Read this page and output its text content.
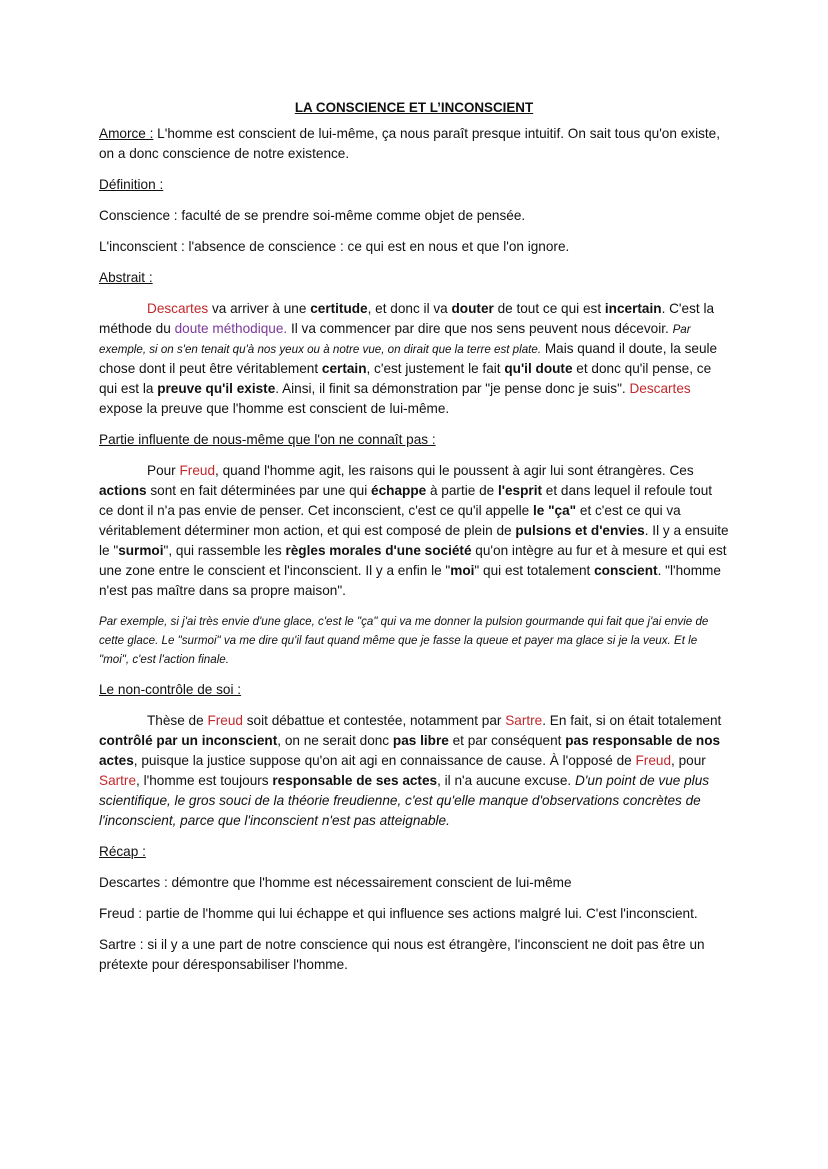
LA CONSCIENCE ET L’INCONSCIENT

Amorce : L'homme est conscient de lui-même, ça nous paraît presque intuitif. On sait tous qu'on existe, on a donc conscience de notre existence.

Définition :

Conscience : faculté de se prendre soi-même comme objet de pensée.

L'inconscient : l'absence de conscience : ce qui est en nous et que l'on ignore.

Abstrait :

Descartes va arriver à une certitude, et donc il va douter de tout ce qui est incertain. C'est la méthode du doute méthodique. Il va commencer par dire que nos sens peuvent nous décevoir. Par exemple, si on s'en tenait qu'à nos yeux ou à notre vue, on dirait que la terre est plate. Mais quand il doute, la seule chose dont il peut être véritablement certain, c'est justement le fait qu'il doute et donc qu'il pense, ce qui est la preuve qu'il existe. Ainsi, il finit sa démonstration par "je pense donc je suis". Descartes expose la preuve que l'homme est conscient de lui-même.

Partie influente de nous-même que l'on ne connaît pas :

Pour Freud, quand l'homme agit, les raisons qui le poussent à agir lui sont étrangères. Ces actions sont en fait déterminées par une qui échappe à partie de l'esprit et dans lequel il refoule tout ce dont il n'a pas envie de penser. Cet inconscient, c'est ce qu'il appelle le "ça" et c'est ce qui va véritablement déterminer mon action, et qui est composé de plein de pulsions et d'envies. Il y a ensuite le "surmoi", qui rassemble les règles morales d'une société qu'on intègre au fur et à mesure et qui est une zone entre le conscient et l'inconscient. Il y a enfin le "moi" qui est totalement conscient. "l'homme n'est pas maître dans sa propre maison".

Par exemple, si j'ai très envie d'une glace, c'est le "ça" qui va me donner la pulsion gourmande qui fait que j'ai envie de cette glace. Le "surmoi" va me dire qu'il faut quand même que je fasse la queue et payer ma glace si je la veux. Et le "moi", c'est l'action finale.

Le non-contrôle de soi :

Thèse de Freud soit débattue et contestée, notamment par Sartre. En fait, si on était totalement contrôlé par un inconscient, on ne serait donc pas libre et par conséquent pas responsable de nos actes, puisque la justice suppose qu'on ait agi en connaissance de cause. À l'opposé de Freud, pour Sartre, l'homme est toujours responsable de ses actes, il n'a aucune excuse. D'un point de vue plus scientifique, le gros souci de la théorie freudienne, c'est qu'elle manque d'observations concrètes de l'inconscient, parce que l'inconscient n'est pas atteignable.

Récap :

Descartes : démontre que l'homme est nécessairement conscient de lui-même

Freud : partie de l'homme qui lui échappe et qui influence ses actions malgré lui. C'est l'inconscient.

Sartre : si il y a une part de notre conscience qui nous est étrangère, l'inconscient ne doit pas être un prétexte pour déresponsabiliser l'homme.
